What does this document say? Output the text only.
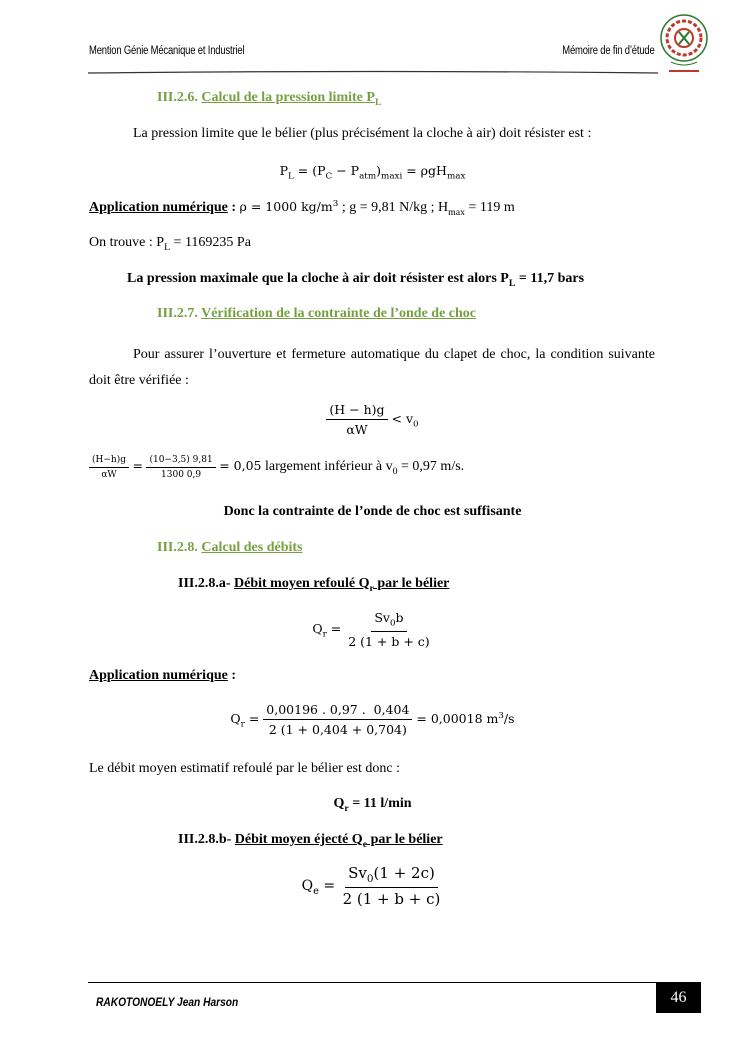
Mention Génie Mécanique et Industriel	Mémoire de fin d’étude
III.2.6. Calcul de la pression limite $P_L$
La pression limite que le bélier (plus précisément la cloche à air) doit résister est :
$P_L = (P_C - P_{atm})_{maxi} = \rho gH_{max}$
Application numérique : ρ = 1000 $kg/m^3$ ; g = 9,81 N/kg ; $H_{max} = 119$ m
On trouve : $P_L = 1169235$ Pa
La pression maximale que la cloche à air doit résister est alors $P_L = 11,7$ bars
III.2.7. Vérification de la contrainte de l’onde de choc
Pour assurer l’ouverture et fermeture automatique du clapet de choc, la condition suivante doit être vérifiée :
$\frac{(H - h)g}{\alpha W} < v_0$
$\frac{(H-h)g}{\alpha W} = \frac{(10-3,5) 9,81}{1300 0,9} = 0,05$ largement inférieur à $v_0 = 0,97$ m/s.
Donc la contrainte de l’onde de choc est suffisante
III.2.8. Calcul des débits
III.2.8.a- Débit moyen refoulé $Q_r$ par le bélier
$Q_r = \frac{Sv_0b}{2 (1 + b + c)}$
Application numérique :
$Q_r = \frac{0,00196 . 0,97 . 0,404}{2 (1 + 0,404 + 0,704)} = 0,00018$ $m^3/s$
Le débit moyen estimatif refoulé par le bélier est donc :
$Q_r = 11$ l/min
III.2.8.b- Débit moyen éjecté $Q_e$ par le bélier
$Q_e = \frac{Sv_0(1 + 2c)}{2 (1 + b + c)}$
RAKOTONOELY Jean Harson	46
